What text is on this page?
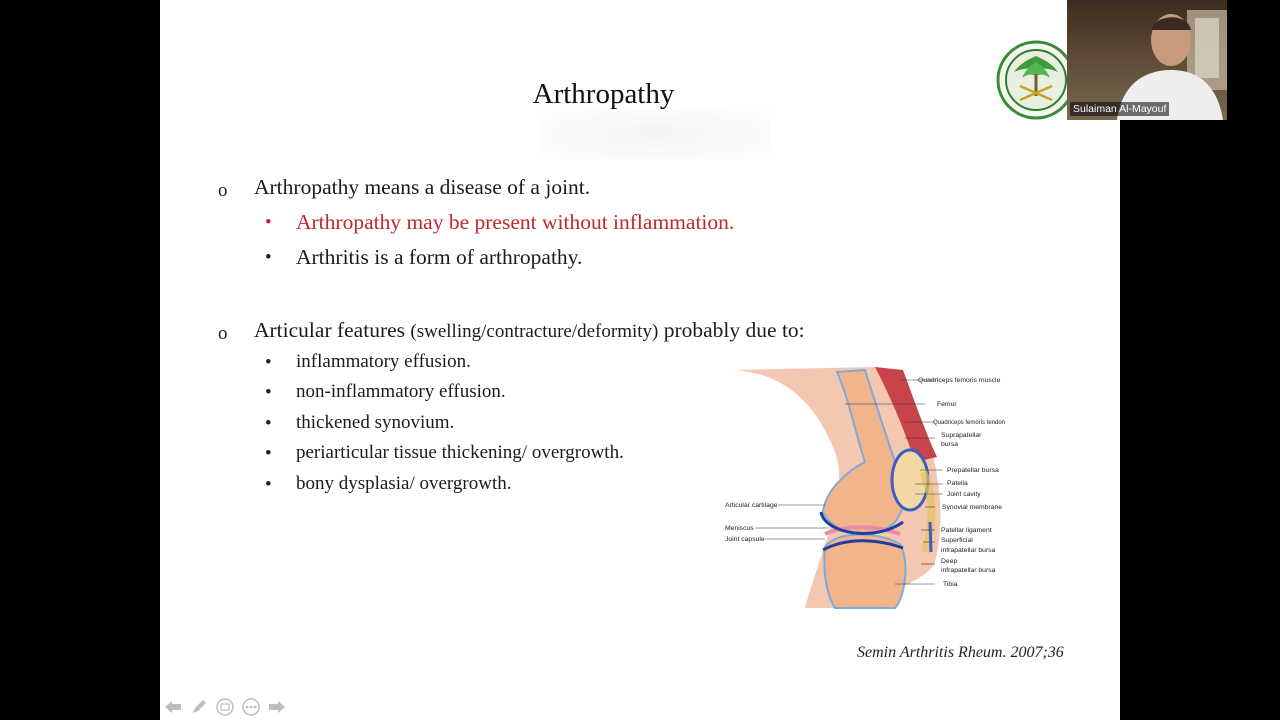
Arthropathy
o Arthropathy means a disease of a joint.
• Arthropathy may be present without inflammation.
• Arthritis is a form of arthropathy.
o Articular features (swelling/contracture/deformity) probably due to:
• inflammatory effusion.
• non-inflammatory effusion.
• thickened synovium.
• periarticular tissue thickening/ overgrowth.
• bony dysplasia/ overgrowth.
Quadriceps femoris muscle
Femur
Quadriceps femoris tendon
Suprapatellar
bursa
Prepatellar bursa
Patella
Joint cavity
Synovial membrane
Articular cartilage
Meniscus
Joint capsule
Patellar ligament
Superficial
infrapatellar bursa
Deep
infrapatellar bursa
Tibia
Semin Arthritis Rheum. 2007;36
Sulaiman Al-Mayouf
